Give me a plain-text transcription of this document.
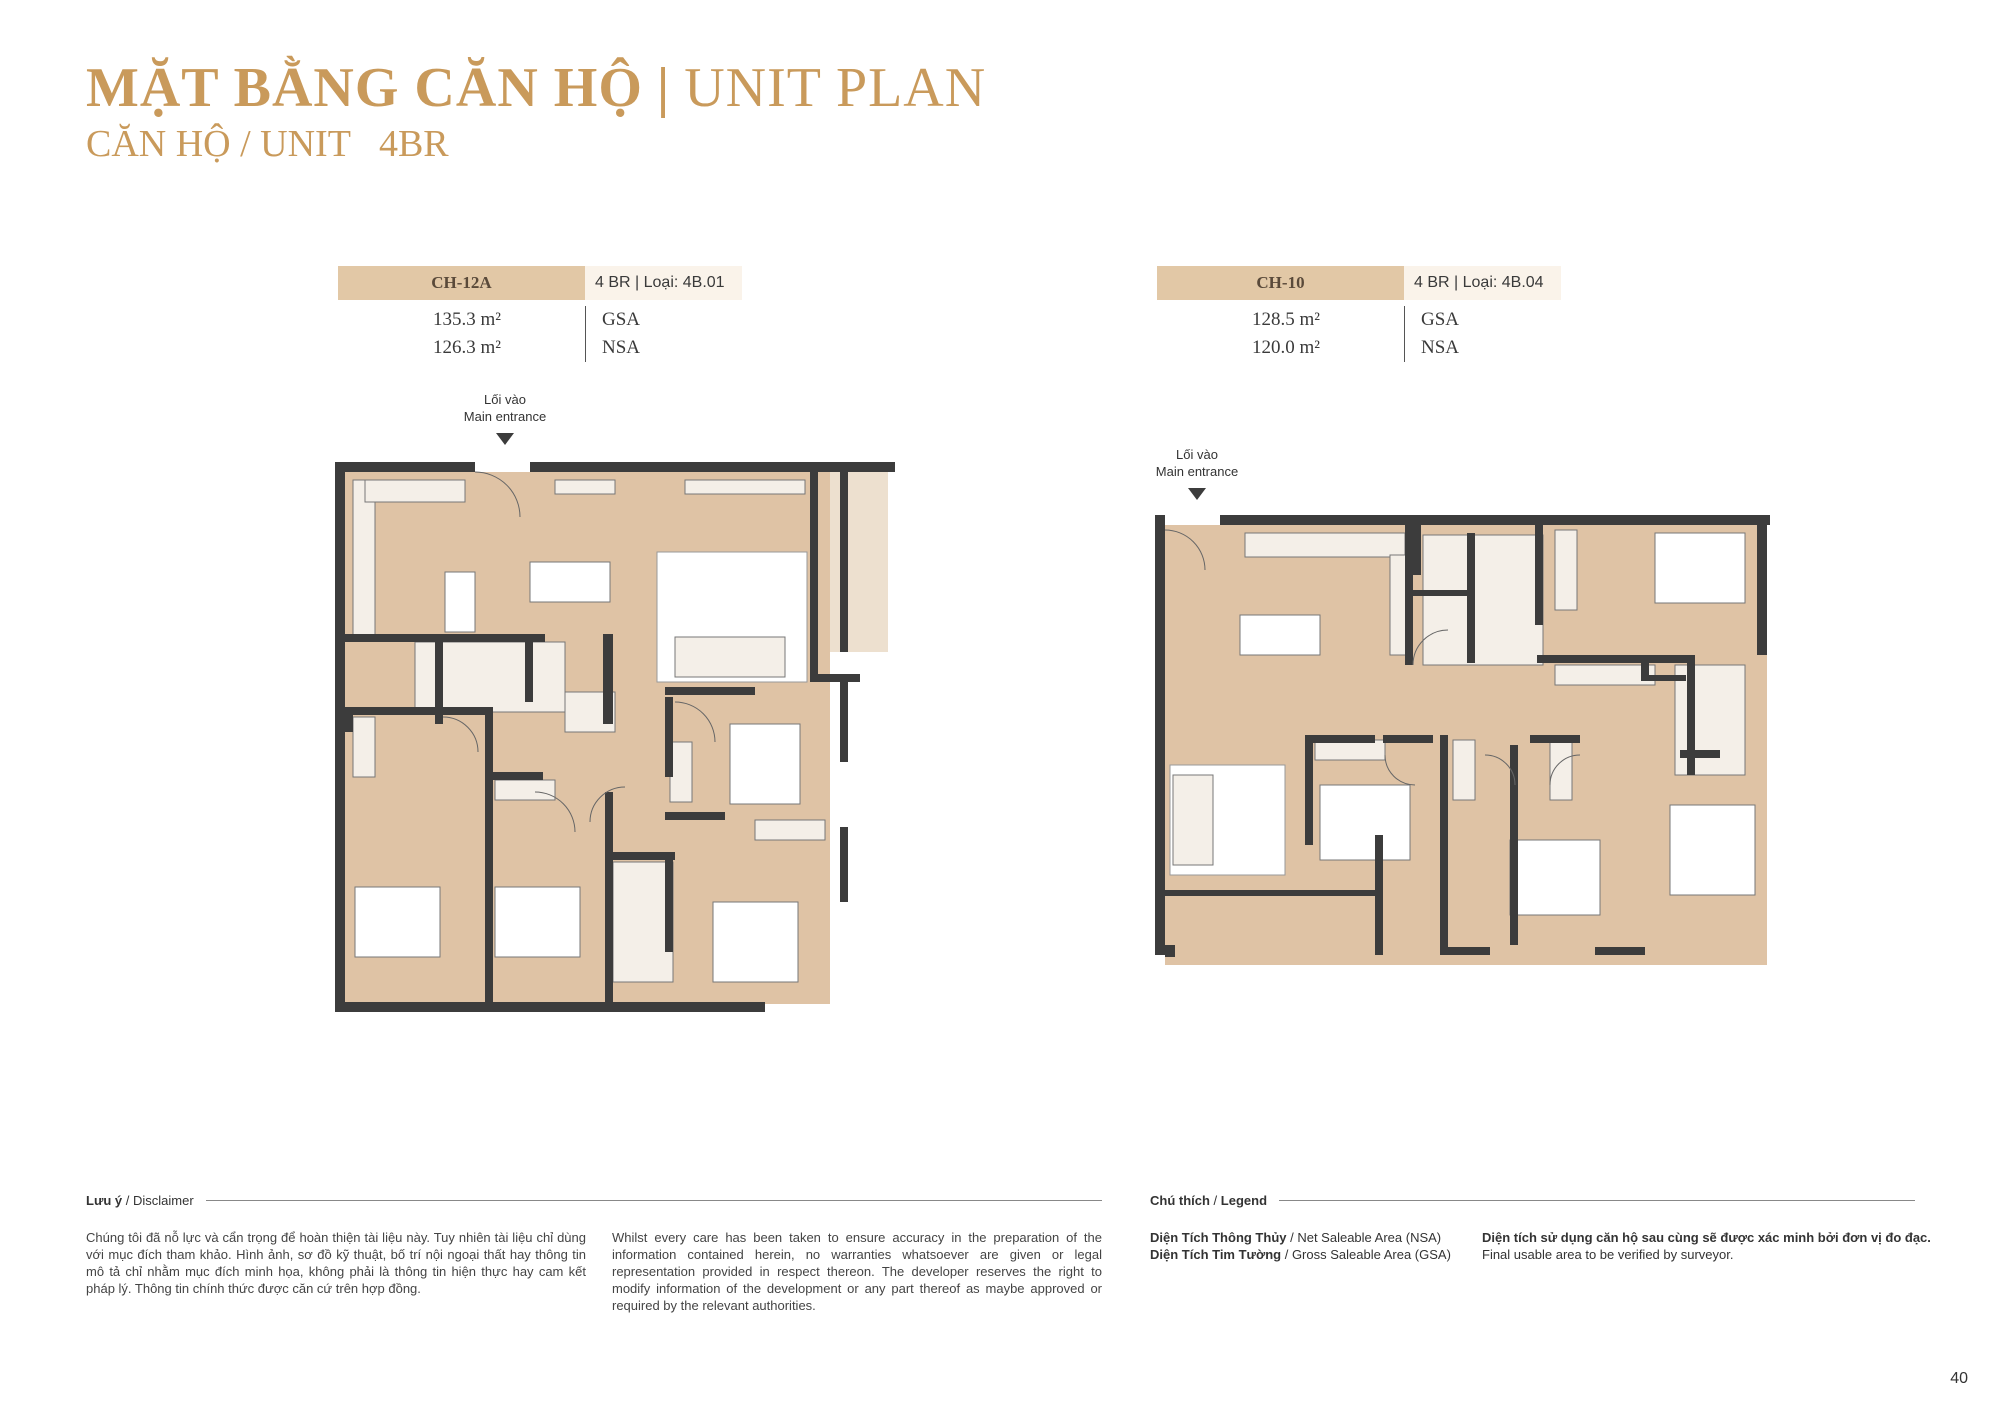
MẶT BẰNG CĂN HỘ | UNIT PLAN
CĂN HỘ / UNIT 4BR
CH-12A	4 BR | Loại: 4B.01
135.3 m²
126.3 m²
GSA
NSA
CH-10	4 BR | Loại: 4B.04
128.5 m²
120.0 m²
GSA
NSA
Lối vào
Main entrance
Lối vào
Main entrance
Lưu ý / Disclaimer
Chúng tôi đã nỗ lực và cẩn trọng để hoàn thiện tài liệu này. Tuy nhiên tài liệu chỉ dùng với mục đích tham khảo. Hình ảnh, sơ đồ kỹ thuật, bố trí nội ngoại thất hay thông tin mô tả chỉ nhằm mục đích minh họa, không phải là thông tin hiện thực hay cam kết pháp lý. Thông tin chính thức được căn cứ trên hợp đồng.
Whilst every care has been taken to ensure accuracy in the preparation of the information contained herein, no warranties whatsoever are given or legal representation provided in respect thereon. The developer reserves the right to modify information of the development or any part thereof as maybe approved or required by the relevant authorities.
Chú thích / Legend
Diện Tích Thông Thủy / Net Saleable Area (NSA)
Diện Tích Tim Tường / Gross Saleable Area (GSA)
Diện tích sử dụng căn hộ sau cùng sẽ được xác minh bởi đơn vị đo đạc.
Final usable area to be verified by surveyor.
40
